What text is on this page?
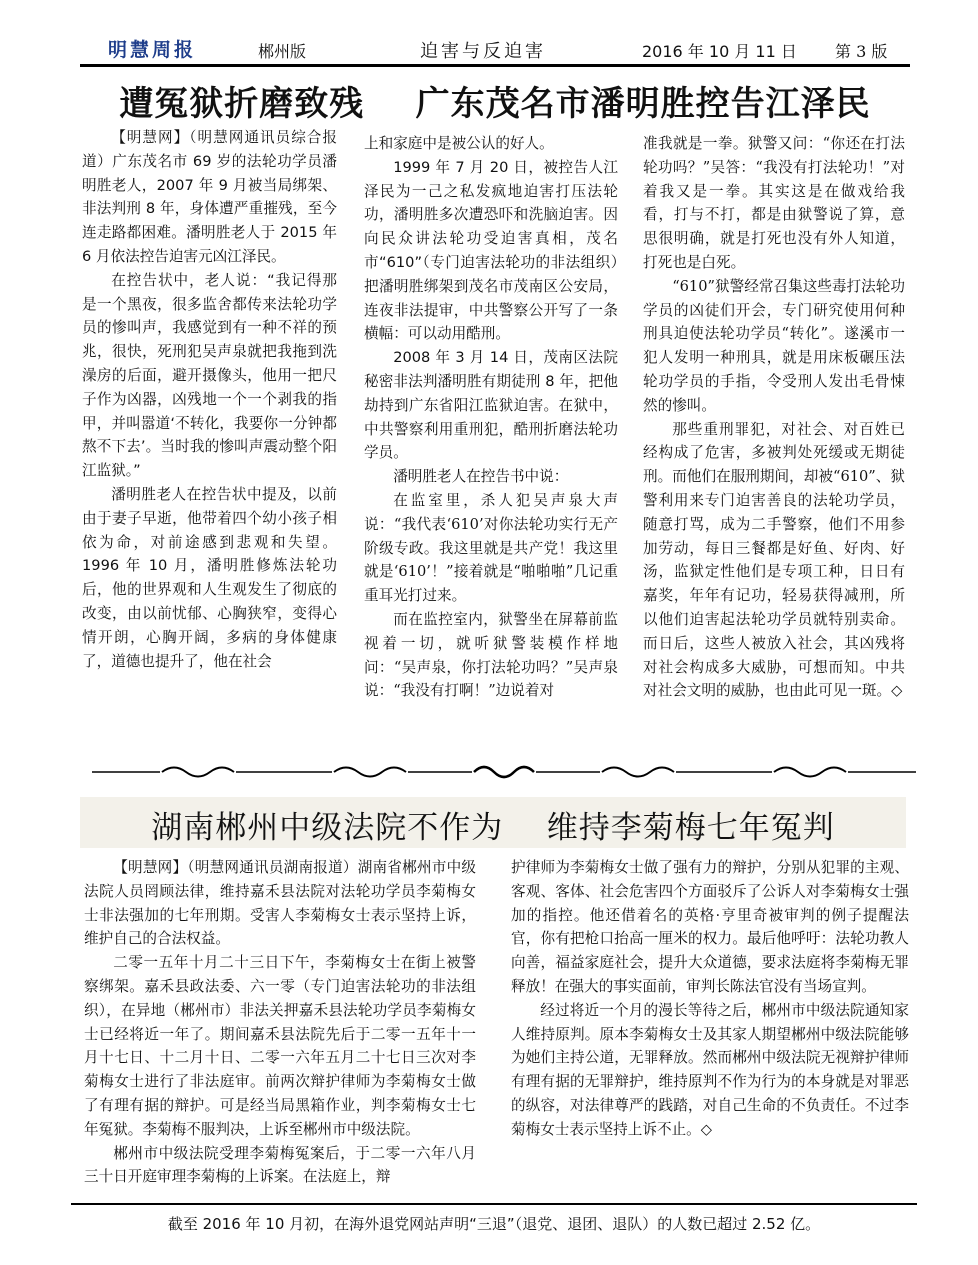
明慧周报	郴州版	迫害与反迫害	2016 年 10 月 11 日 第 3 版
遭冤狱折磨致残    广东茂名市潘明胜控告江泽民

【明慧网】（明慧网通讯员综合报道）广东茂名市 69 岁的法轮功学员潘明胜老人，2007 年 9 月被当局绑架、非法判刑 8 年，身体遭严重摧残，至今连走路都困难。潘明胜老人于 2015 年 6 月依法控告迫害元凶江泽民。

在控告状中，老人说：“我记得那是一个黑夜，很多监舍都传来法轮功学员的惨叫声，我感觉到有一种不祥的预兆，很快，死刑犯吴声泉就把我拖到洗澡房的后面，避开摄像头，他用一把尺子作为凶器，凶残地一个一个剥我的指甲，并叫嚣道‘不转化，我要你一分钟都熬不下去’。当时我的惨叫声震动整个阳江监狱。”

潘明胜老人在控告状中提及，以前由于妻子早逝，他带着四个幼小孩子相依为命，对前途感到悲观和失望。1996 年 10 月，潘明胜修炼法轮功后，他的世界观和人生观发生了彻底的改变，由以前忧郁、心胸狭窄，变得心情开朗，心胸开阔，多病的身体健康了，道德也提升了，他在社会

上和家庭中是被公认的好人。

1999 年 7 月 20 日，被控告人江泽民为一己之私发疯地迫害打压法轮功，潘明胜多次遭恐吓和洗脑迫害。因向民众讲法轮功受迫害真相，茂名市“610”（专门迫害法轮功的非法组织）把潘明胜绑架到茂名市茂南区公安局，连夜非法提审，中共警察公开写了一条横幅：可以动用酷刑。

2008 年 3 月 14 日，茂南区法院秘密非法判潘明胜有期徒刑 8 年，把他劫持到广东省阳江监狱迫害。在狱中，中共警察利用重刑犯，酷刑折磨法轮功学员。

潘明胜老人在控告书中说：

在监室里，杀人犯吴声泉大声说：“我代表‘610’对你法轮功实行无产阶级专政。我这里就是共产党！我这里就是‘610’！”接着就是“啪啪啪”几记重重耳光打过来。

而在监控室内，狱警坐在屏幕前监视着一切，就听狱警装模作样地问：“吴声泉，你打法轮功吗？”吴声泉说：“我没有打啊！”边说着对

准我就是一拳。狱警又问：“你还在打法轮功吗？”吴答：“我没有打法轮功！”对着我又是一拳。其实这是在做戏给我看，打与不打，都是由狱警说了算，意思很明确，就是打死也没有外人知道，打死也是白死。

“610”狱警经常召集这些毒打法轮功学员的凶徒们开会，专门研究使用何种刑具迫使法轮功学员“转化”。遂溪市一犯人发明一种刑具，就是用床板碾压法轮功学员的手指，令受刑人发出毛骨悚然的惨叫。

那些重刑罪犯，对社会、对百姓已经构成了危害，多被判处死缓或无期徒刑。而他们在服刑期间，却被“610”、狱警利用来专门迫害善良的法轮功学员，随意打骂，成为二手警察，他们不用参加劳动，每日三餐都是好鱼、好肉、好汤，监狱定性他们是专项工种，日日有嘉奖，年年有记功，轻易获得减刑，所以他们迫害起法轮功学员就特别卖命。而日后，这些人被放入社会，其凶残将对社会构成多大威胁，可想而知。中共对社会文明的威胁，也由此可见一斑。◇

湖南郴州中级法院不作为    维持李菊梅七年冤判

【明慧网】（明慧网通讯员湖南报道）湖南省郴州市中级法院人员罔顾法律，维持嘉禾县法院对法轮功学员李菊梅女士非法强加的七年刑期。受害人李菊梅女士表示坚持上诉，维护自己的合法权益。

二零一五年十月二十三日下午，李菊梅女士在街上被警察绑架。嘉禾县政法委、六一零（专门迫害法轮功的非法组织），在异地（郴州市）非法关押嘉禾县法轮功学员李菊梅女士已经将近一年了。期间嘉禾县法院先后于二零一五年十一月十七日、十二月十日、二零一六年五月二十七日三次对李菊梅女士进行了非法庭审。前两次辩护律师为李菊梅女士做了有理有据的辩护。可是经当局黑箱作业，判李菊梅女士七年冤狱。李菊梅不服判决，上诉至郴州市中级法院。

郴州市中级法院受理李菊梅冤案后，于二零一六年八月三十日开庭审理李菊梅的上诉案。在法庭上，辩

护律师为李菊梅女士做了强有力的辩护，分别从犯罪的主观、客观、客体、社会危害四个方面驳斥了公诉人对李菊梅女士强加的指控。他还借着名的英格·亨里奇被审判的例子提醒法官，你有把枪口抬高一厘米的权力。最后他呼吁：法轮功教人向善，福益家庭社会，提升大众道德，要求法庭将李菊梅无罪释放！在强大的事实面前，审判长陈法官没有当场宣判。

经过将近一个月的漫长等待之后，郴州市中级法院通知家人维持原判。原本李菊梅女士及其家人期望郴州中级法院能够为她们主持公道，无罪释放。然而郴州中级法院无视辩护律师有理有据的无罪辩护，维持原判不作为行为的本身就是对罪恶的纵容，对法律尊严的践踏，对自己生命的不负责任。不过李菊梅女士表示坚持上诉不止。◇

截至 2016 年 10 月初，在海外退党网站声明“三退”（退党、退团、退队）的人数已超过 2.52 亿。
